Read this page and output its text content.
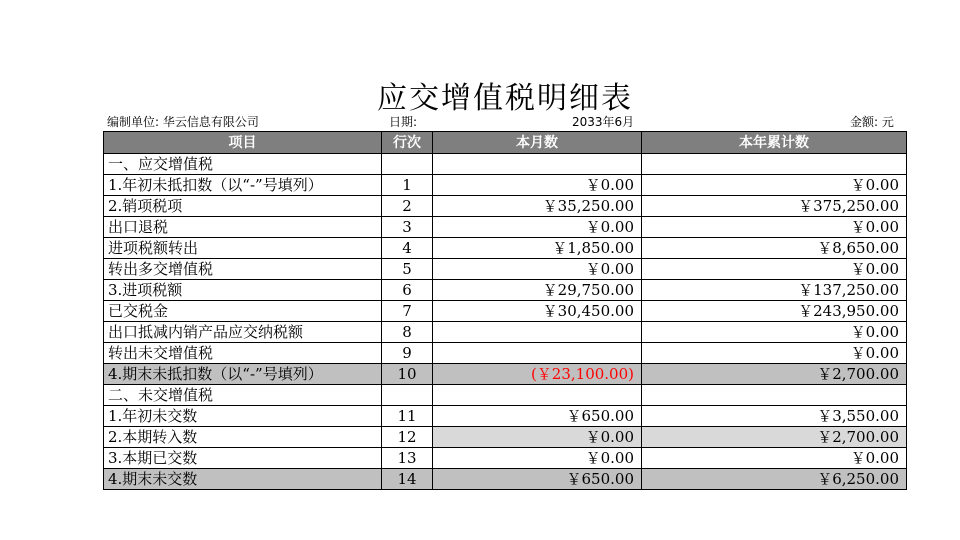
应交增值税明细表
编制单位: 华云信息有限公司	日期:	2033年6月	金额: 元
项目	行次	本月数	本年累计数
一、应交增值税			
1.年初未抵扣数（以“-”号填列）	1	￥0.00	￥0.00
2.销项税项	2	￥35,250.00	￥375,250.00
出口退税	3	￥0.00	￥0.00
进项税额转出	4	￥1,850.00	￥8,650.00
转出多交增值税	5	￥0.00	￥0.00
3.进项税额	6	￥29,750.00	￥137,250.00
已交税金	7	￥30,450.00	￥243,950.00
出口抵减内销产品应交纳税额	8		￥0.00
转出未交增值税	9		￥0.00
4.期末未抵扣数（以“-”号填列）	10	(￥23,100.00)	￥2,700.00
二、未交增值税			
1.年初未交数	11	￥650.00	￥3,550.00
2.本期转入数	12	￥0.00	￥2,700.00
3.本期已交数	13	￥0.00	￥0.00
4.期末未交数	14	￥650.00	￥6,250.00
